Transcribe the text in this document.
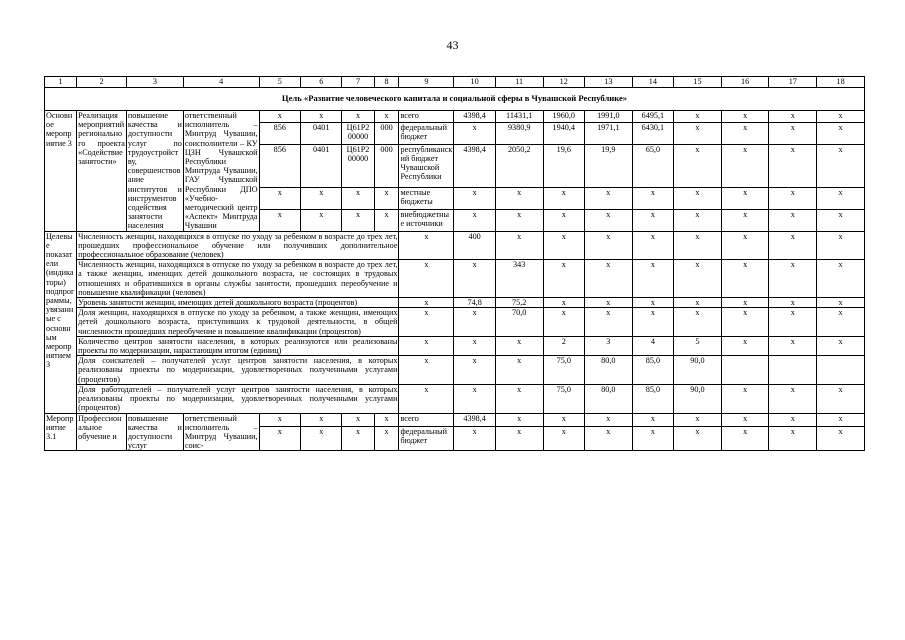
43
1	2	3	4	5	6	7	8	9	10	11	12	13	14	15	16	17	18
Цель «Развитие человеческого капитала и социальной сферы в Чувашской Республике»																	
Основное мероприятие 3	Реализация мероприятий регионального проекта «Содействие занятости»	повышение качества и доступности услуг по трудоустройству, совершенствование институтов и инструментов содействия занятости населения	ответственный исполнитель – Минтруд Чувашии, соисполнители – КУ ЦЗН Чувашской Республики Минтруда Чувашии, ГАУ Чувашской Республики ДПО «Учебно-методический центр «Аспект» Минтруда Чувашии	x	x	x	x	всего	4398,4	11431,1	1960,0	1991,0	6495,1	x	x	x	x
				856	0401	Ц61Р2 00000	000	федеральный бюджет	x	9380,9	1940,4	1971,1	6430,1	x	x	x	x
				856	0401	Ц61Р2 00000	000	республиканский бюджет Чувашской Республики	4398,4	2050,2	19,6	19,9	65,0	x	x	x	x
				x	x	x	x	местные бюджеты	x	x	x	x	x	x	x	x	x
				x	x	x	x	внебюджетные источники	x	x	x	x	x	x	x	x	x
Целевые показатели (индикаторы) подпрограммы, увязанные с основным мероприятием 3	Численность женщин, находящихся в отпуске по уходу за ребенком в возрасте до трех лет, прошедших профессиональное обучение или получивших дополнительное профессиональное образование (человек)							x	400	x	x	x	x	x	x	x	x
	Численность женщин, находящихся в отпуске по уходу за ребенком в возрасте до трех лет, а также женщин, имеющих детей дошкольного возраста, не состоящих в трудовых отношениях и обратившихся в органы службы занятости, прошедших переобучение и повышение квалификации (человек)							x	x	343	x	x	x	x	x	x	x
	Уровень занятости женщин, имеющих детей дошкольного возраста (процентов)							x	74,8	75,2	x	x	x	x	x	x	x
	Доля женщин, находящихся в отпуске по уходу за ребенком, а также женщин, имеющих детей дошкольного возраста, приступивших к трудовой деятельности, в общей численности прошедших переобучение и повышение квалификации (процентов)							x	x	70,0	x	x	x	x	x	x	x
	Количество центров занятости населения, в которых реализуются или реализованы проекты по модернизации, нарастающим итогом (единиц)							x	x	x	2	3	4	5	x	x	x
	Доля соискателей – получателей услуг центров занятости населения, в которых реализованы проекты по модернизации, удовлетворенных полученными услугами (процентов)							x	x	x	75,0	80,0	85,0	90,0			
	Доля работодателей – получателей услуг центров занятости населения, в которых реализованы проекты по модернизации, удовлетворенных полученными услугами (процентов)							x	x	x	75,0	80,0	85,0	90,0	x	x	x
Мероприятие 3.1	Профессиональное обучение и	повышение качества и доступности услуг	ответственный исполнитель – Минтруд Чувашии, соис-	x	x	x	x	всего	4398,4	x	x	x	x	x	x	x	x
				x	x	x	x	федеральный бюджет	x	x	x	x	x	x	x	x	x
